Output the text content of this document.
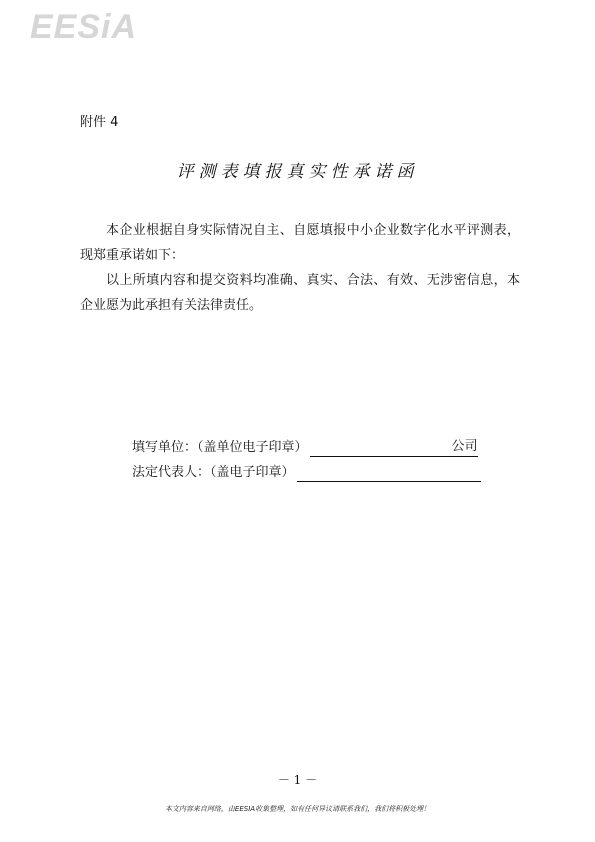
EESiA
附件 4
评测表填报真实性承诺函

本企业根据自身实际情况自主、自愿填报中小企业数字化水平评测表，现郑重承诺如下：

以上所填内容和提交资料均准确、真实、合法、有效、无涉密信息，本企业愿为此承担有关法律责任。

填写单位：（盖单位电子印章）	公司
法定代表人：（盖电子印章）
－ 1 －
本文内容来自网络，由EESIA收集整理，如有任何异议请联系我们，我们将积极处理！
